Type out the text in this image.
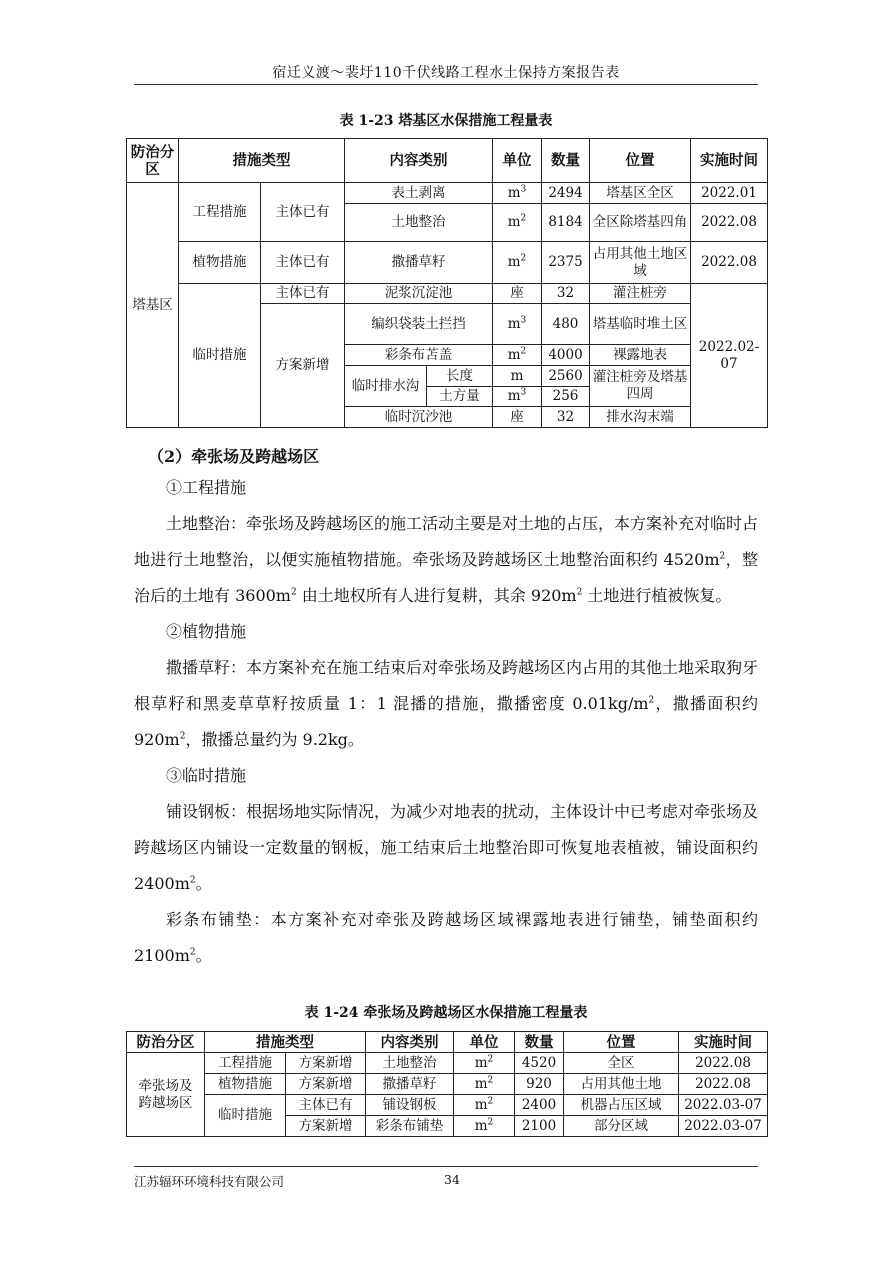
宿迁义渡～裴圩110千伏线路工程水土保持方案报告表
表 1-23 塔基区水保措施工程量表
防治分区	措施类型		内容类别		单位	数量	位置	实施时间
塔基区	工程措施	主体已有	表土剥离		$m^3$	2494	塔基区全区	2022.01
			土地整治		$m^2$	8184	全区除塔基四角	2022.08
	植物措施	主体已有	撒播草籽		$m^2$	2375	占用其他土地区域	2022.08
	临时措施	主体已有	泥浆沉淀池		座	32	灌注桩旁	2022.02-07
		方案新增	编织袋装土拦挡		$m^3$	480	塔基临时堆土区	
			彩条布苫盖		$m^2$	4000	裸露地表	
			临时排水沟	长度	m	2560	灌注桩旁及塔基四周	
				土方量	$m^3$	256		
			临时沉沙池		座	32	排水沟末端	
（2）牵张场及跨越场区

①工程措施

土地整治：牵张场及跨越场区的施工活动主要是对土地的占压，本方案补充对临时占地进行土地整治，以便实施植物措施。牵张场及跨越场区土地整治面积约 $4520m^2$，整治后的土地有 $3600m^2$ 由土地权所有人进行复耕，其余 $920m^2$ 土地进行植被恢复。

②植物措施

撒播草籽：本方案补充在施工结束后对牵张场及跨越场区内占用的其他土地采取狗牙根草籽和黑麦草草籽按质量 1：1 混播的措施，撒播密度 $0.01kg/m^2$，撒播面积约 $920m^2$，撒播总量约为 9.2kg。

③临时措施

铺设钢板：根据场地实际情况，为减少对地表的扰动，主体设计中已考虑对牵张场及跨越场区内铺设一定数量的钢板，施工结束后土地整治即可恢复地表植被，铺设面积约 $2400m^2$。

彩条布铺垫：本方案补充对牵张及跨越场区域裸露地表进行铺垫，铺垫面积约 $2100m^2$。

表 1-24 牵张场及跨越场区水保措施工程量表
防治分区	措施类型		内容类别	单位	数量	位置	实施时间
牵张场及跨越场区	工程措施	方案新增	土地整治	$m^2$	4520	全区	2022.08
	植物措施	方案新增	撒播草籽	$m^2$	920	占用其他土地	2022.08
	临时措施	主体已有	铺设钢板	$m^2$	2400	机器占压区域	2022.03-07
		方案新增	彩条布铺垫	$m^2$	2100	部分区域	2022.03-07
江苏辐环环境科技有限公司	34
